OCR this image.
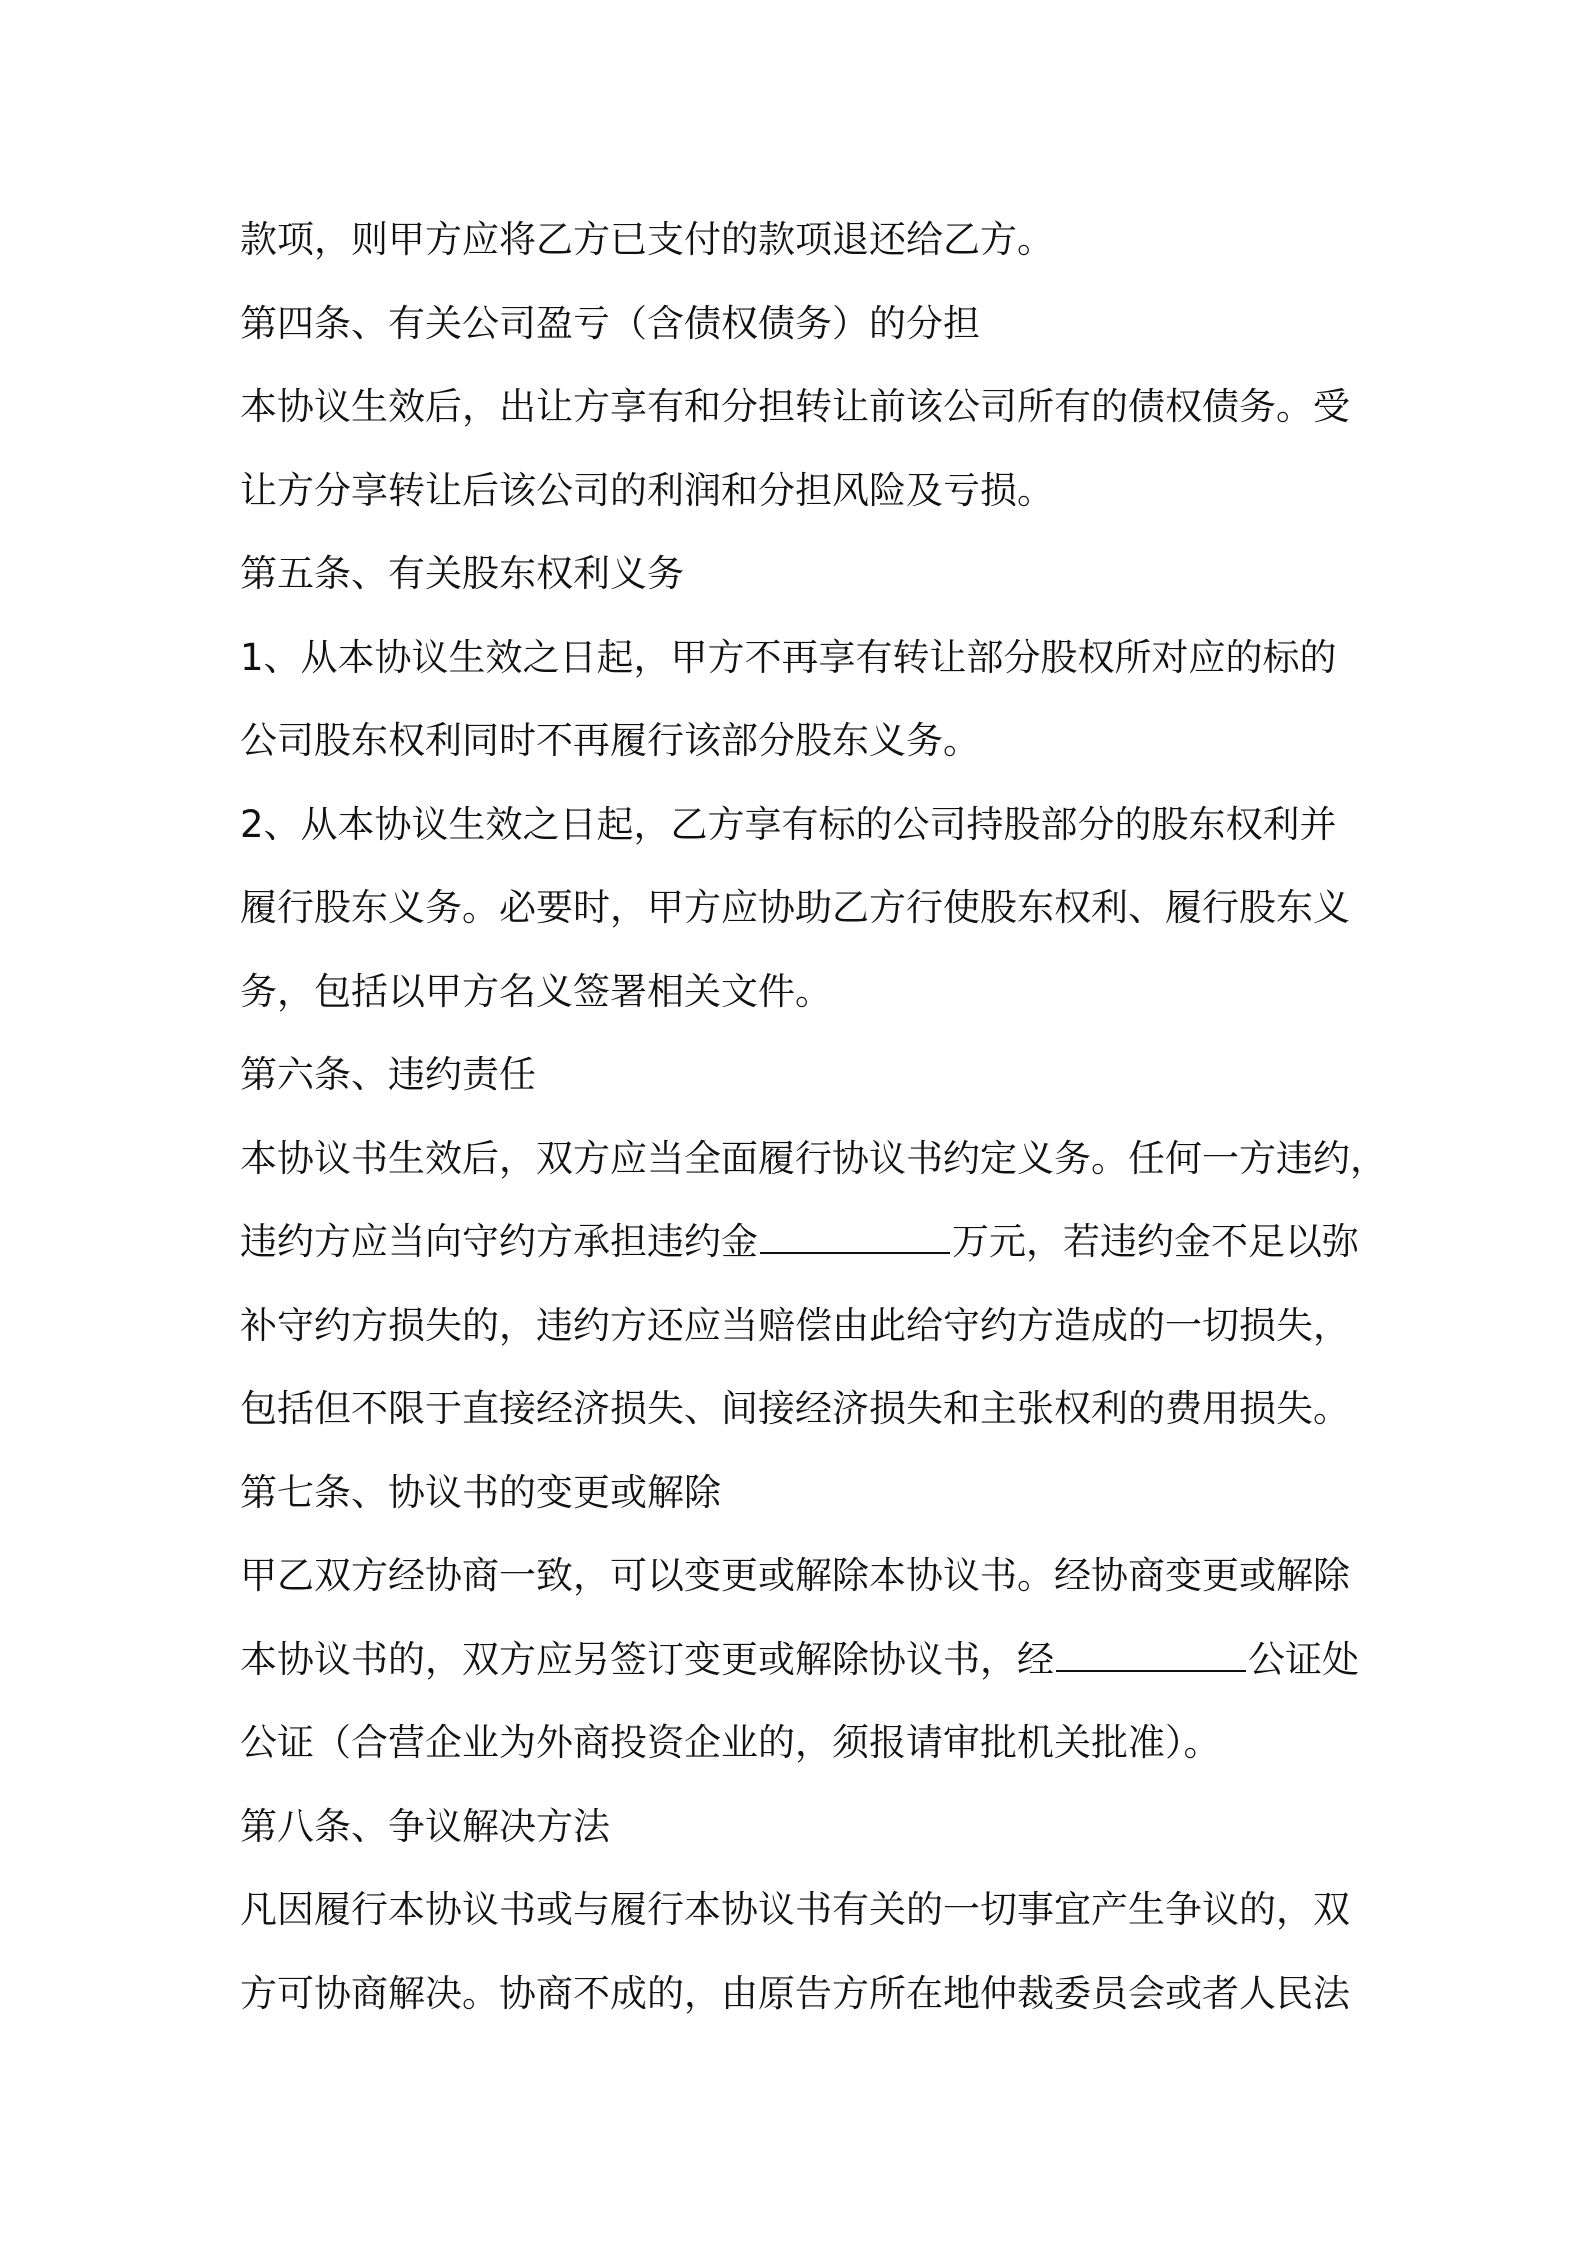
款项，则甲方应将乙方已支付的款项退还给乙方。
第四条、有关公司盈亏（含债权债务）的分担
本协议生效后，出让方享有和分担转让前该公司所有的债权债务。受
让方分享转让后该公司的利润和分担风险及亏损。
第五条、有关股东权利义务
1、从本协议生效之日起，甲方不再享有转让部分股权所对应的标的
公司股东权利同时不再履行该部分股东义务。
2、从本协议生效之日起，乙方享有标的公司持股部分的股东权利并
履行股东义务。必要时，甲方应协助乙方行使股东权利、履行股东义
务，包括以甲方名义签署相关文件。
第六条、违约责任
本协议书生效后，双方应当全面履行协议书约定义务。任何一方违约，
违约方应当向守约方承担违约金	万元，若违约金不足以弥
补守约方损失的，违约方还应当赔偿由此给守约方造成的一切损失，
包括但不限于直接经济损失、间接经济损失和主张权利的费用损失。
第七条、协议书的变更或解除
甲乙双方经协商一致，可以变更或解除本协议书。经协商变更或解除
本协议书的，双方应另签订变更或解除协议书，经	公证处
公证（合营企业为外商投资企业的，须报请审批机关批准）。
第八条、争议解决方法
凡因履行本协议书或与履行本协议书有关的一切事宜产生争议的，双
方可协商解决。协商不成的，由原告方所在地仲裁委员会或者人民法
